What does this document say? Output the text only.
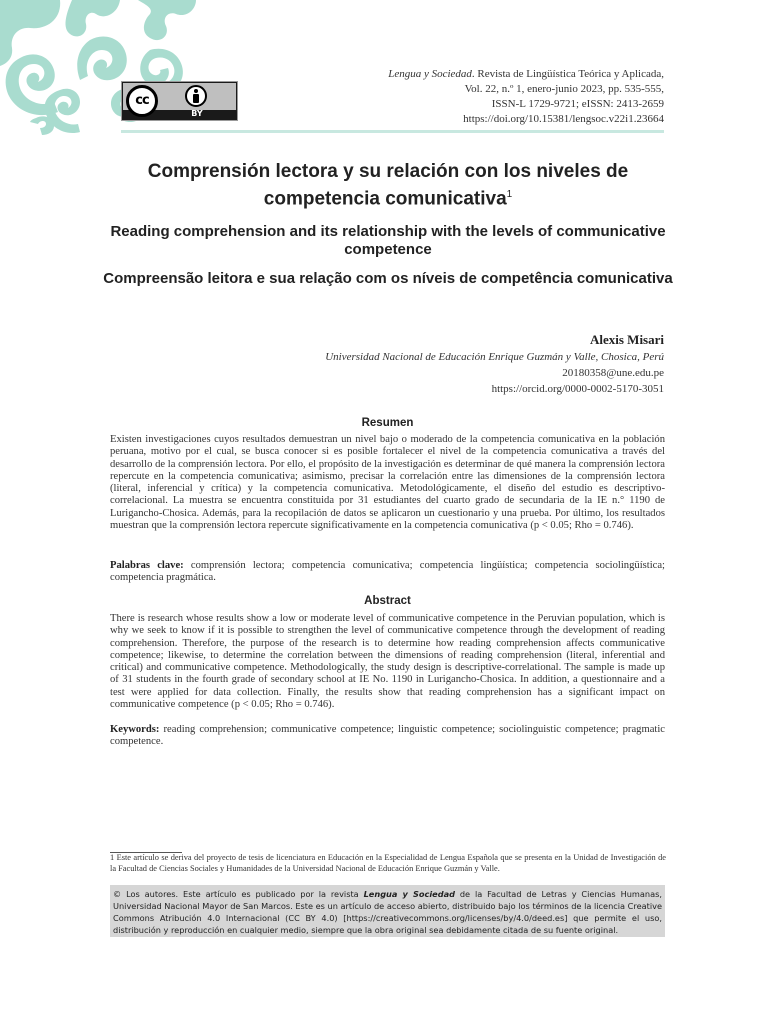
cc
BY
Lengua y Sociedad. Revista de Lingüística Teórica y Aplicada,
Vol. 22, n.º 1, enero-junio 2023, pp. 535-555,
ISSN-L 1729-9721; eISSN: 2413-2659
https://doi.org/10.15381/lengsoc.v22i1.23664
Comprensión lectora y su relación con los niveles de competencia comunicativa$^1$
Reading comprehension and its relationship with the levels of communicative competence
Compreensão leitora e sua relação com os níveis de competência comunicativa
Alexis Misari
Universidad Nacional de Educación Enrique Guzmán y Valle, Chosica, Perú
20180358@une.edu.pe
https://orcid.org/0000-0002-5170-3051
Resumen
Existen investigaciones cuyos resultados demuestran un nivel bajo o moderado de la competencia comunicativa en la población peruana, motivo por el cual, se busca conocer si es posible fortalecer el nivel de la competencia comunicativa a través del desarrollo de la comprensión lectora. Por ello, el propósito de la investigación es determinar de qué manera la comprensión lectora repercute en la competencia comunicativa; asimismo, precisar la correlación entre las dimensiones de la comprensión lectora (literal, inferencial y crítica) y la competencia comunicativa. Metodológicamente, el diseño del estudio es descriptivo-correlacional. La muestra se encuentra constituida por 31 estudiantes del cuarto grado de secundaria de la IE n.° 1190 de Lurigancho-Chosica. Además, para la recopilación de datos se aplicaron un cuestionario y una prueba. Por último, los resultados muestran que la comprensión lectora repercute significativamente en la competencia comunicativa (p < 0.05; Rho = 0.746).
Palabras clave: comprensión lectora; competencia comunicativa; competencia lingüística; competencia sociolingüística; competencia pragmática.
Abstract
There is research whose results show a low or moderate level of communicative competence in the Peruvian population, which is why we seek to know if it is possible to strengthen the level of communicative competence through the development of reading comprehension. Therefore, the purpose of the research is to determine how reading comprehension affects communicative competence; likewise, to determine the correlation between the dimensions of reading comprehension (literal, inferential and critical) and communicative competence. Methodologically, the study design is descriptive-correlational. The sample is made up of 31 students in the fourth grade of secondary school at IE No. 1190 in Lurigancho-Chosica. In addition, a questionnaire and a test were applied for data collection. Finally, the results show that reading comprehension has a significant impact on communicative competence (p < 0.05; Rho = 0.746).
Keywords: reading comprehension; communicative competence; linguistic competence; sociolinguistic competence; pragmatic competence.
1 Este artículo se deriva del proyecto de tesis de licenciatura en Educación en la Especialidad de Lengua Española que se presenta en la Unidad de Investigación de la Facultad de Ciencias Sociales y Humanidades de la Universidad Nacional de Educación Enrique Guzmán y Valle.
© Los autores. Este artículo es publicado por la revista Lengua y Sociedad de la Facultad de Letras y Ciencias Humanas, Universidad Nacional Mayor de San Marcos. Este es un artículo de acceso abierto, distribuido bajo los términos de la licencia Creative Commons Atribución 4.0 Internacional (CC BY 4.0) [https://creativecommons.org/licenses/by/4.0/deed.es] que permite el uso, distribución y reproducción en cualquier medio, siempre que la obra original sea debidamente citada de su fuente original.
